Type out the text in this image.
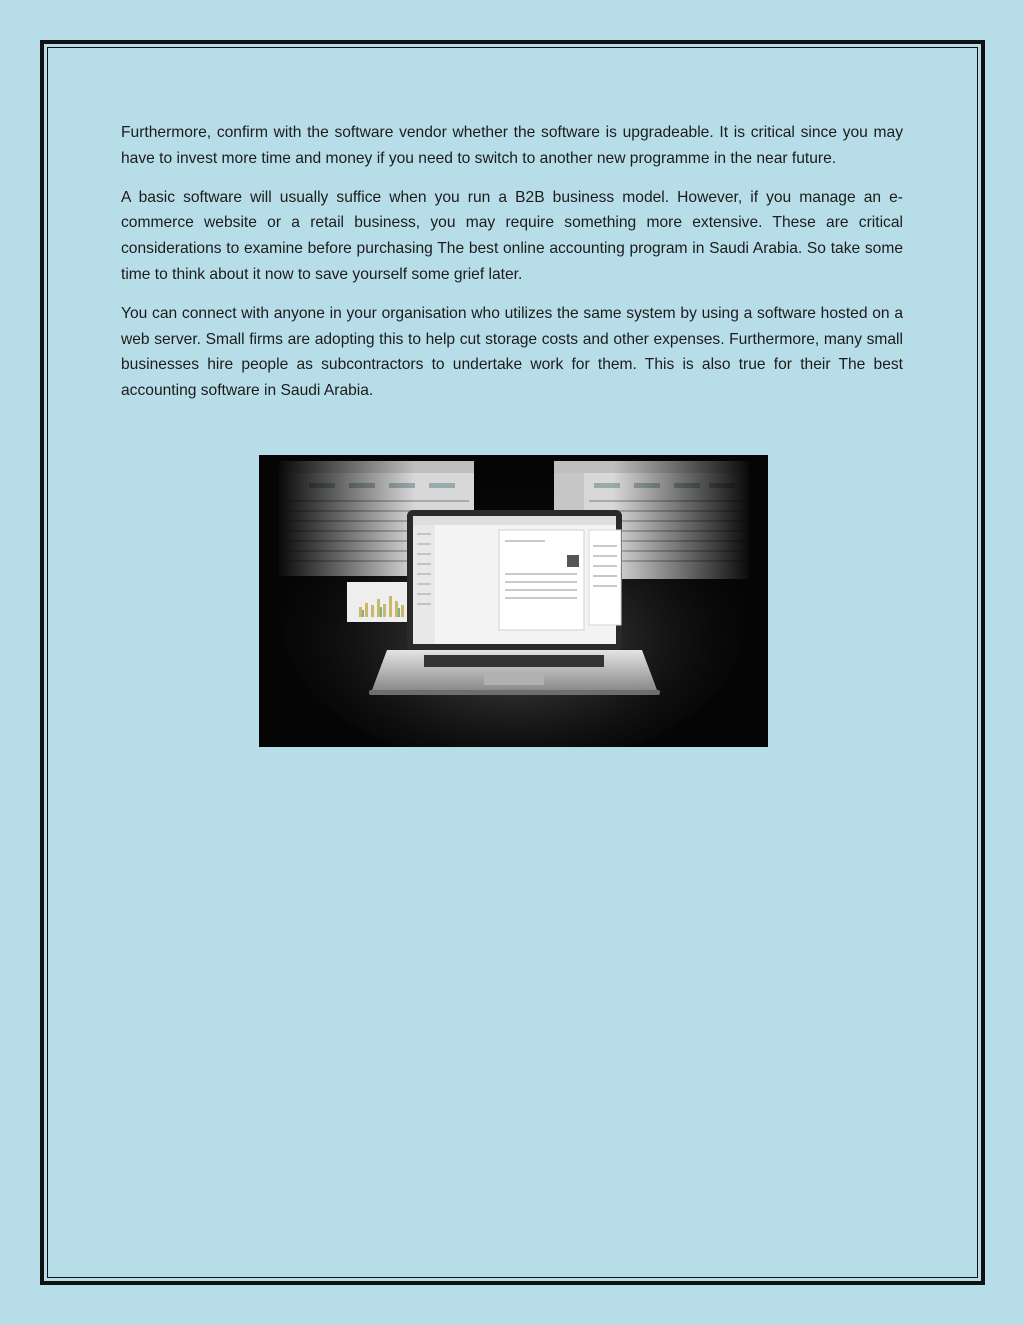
Furthermore, confirm with the software vendor whether the software is upgradeable. It is critical since you may have to invest more time and money if you need to switch to another new programme in the near future.

A basic software will usually suffice when you run a B2B business model. However, if you manage an e-commerce website or a retail business, you may require something more extensive. These are critical considerations to examine before purchasing The best online accounting program in Saudi Arabia. So take some time to think about it now to save yourself some grief later.

You can connect with anyone in your organisation who utilizes the same system by using a software hosted on a web server. Small firms are adopting this to help cut storage costs and other expenses. Furthermore, many small businesses hire people as subcontractors to undertake work for them. This is also true for their The best accounting software in Saudi Arabia.
